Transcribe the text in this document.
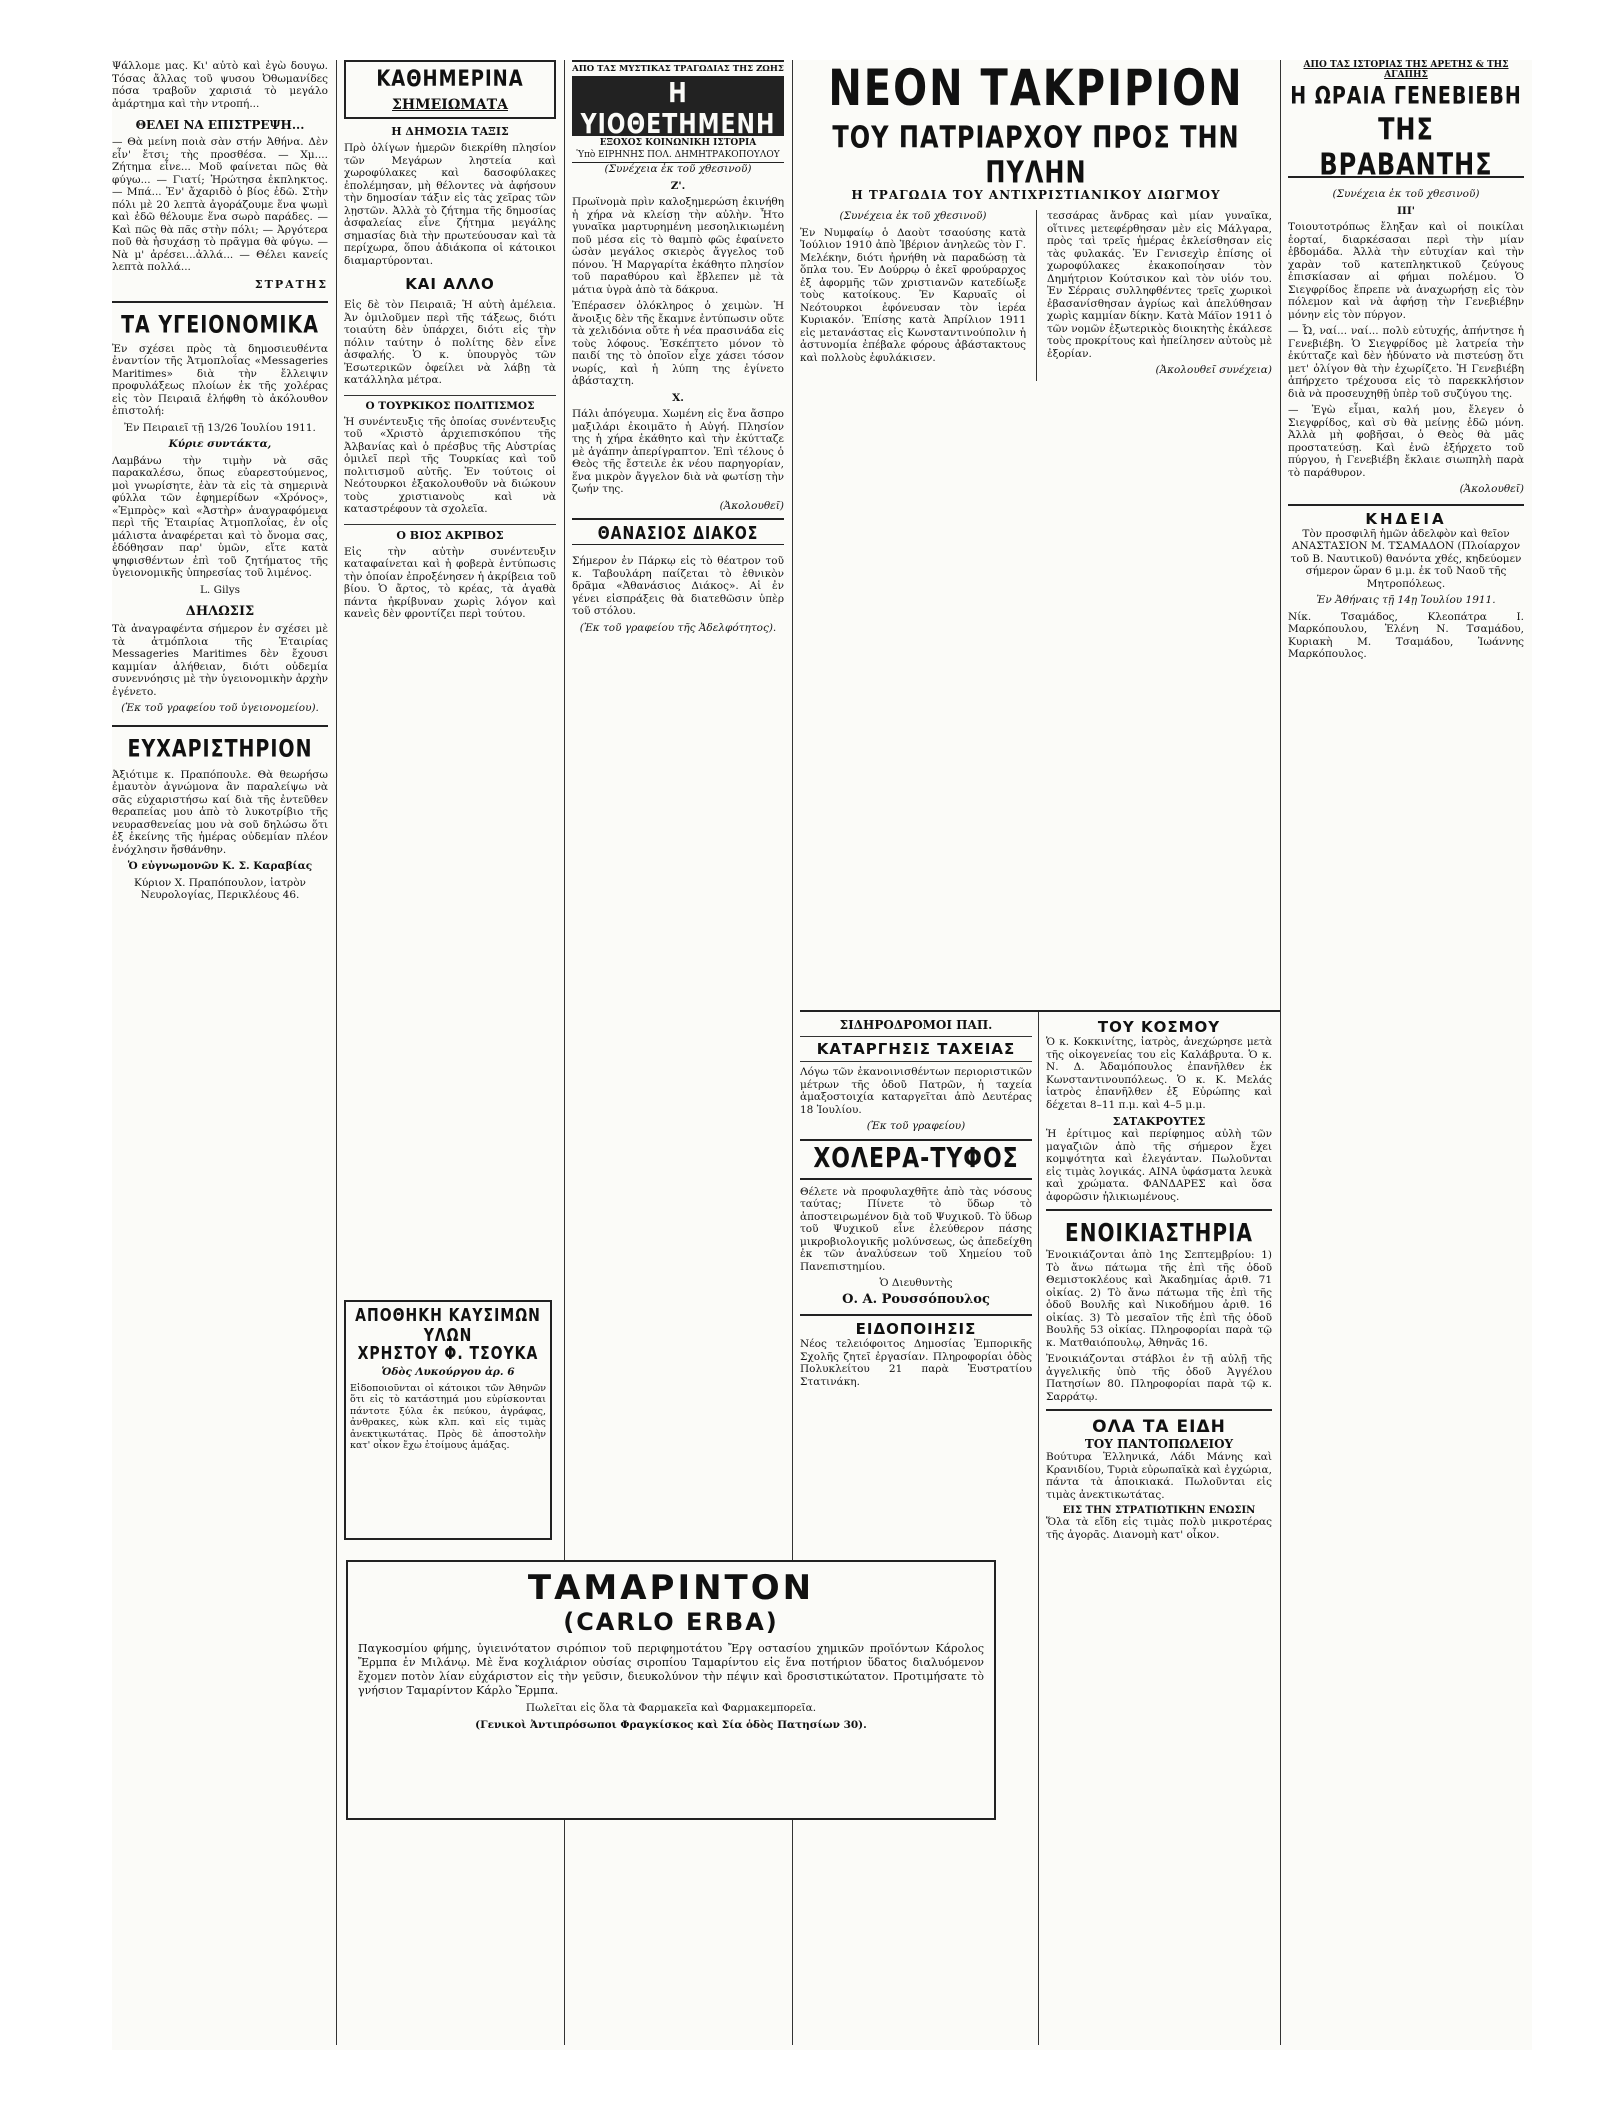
Ψάλλομε μας. Κι' αὐτὸ καὶ ἐγὼ δουγω. Τόσας ἄλλας τοῦ ψυσου Ὀθωμανίδες πόσα τραβοῦν χαρισιά τὸ μεγάλο ἀμάρτημα καὶ τὴν ντροπή...

ΘΕΛΕΙ ΝΑ ΕΠΙΣΤΡΕΨΗ...

— Θὰ μείνη ποιὰ σὰν στήν Ἀθήνα. Δὲν εἶν' ἔτσι; τὴς προσθέσα. — Χμ.... Ζήτημα εἶνε... Μοῦ φαίνεται πῶς θὰ φύγω... — Γιατί; Ἠρώτησα ἐκπληκτος. — Μπά... Ἐν' ἄχαριδὸ ὁ βίος ἐδῶ. Στὴν πόλι μὲ 20 λεπτὰ ἀγοράζουμε ἕνα ψωμὶ καὶ ἐδῶ θέλουμε ἕνα σωρὸ παράδες. — Καὶ πῶς θὰ πᾶς στὴν πόλι; — Ἀργότερα ποῦ θὰ ἡσυχάσῃ τὸ πρᾶγμα θὰ φύγω. — Νὰ μ' ἀρέσει...ἀλλά... — Θέλει κανείς λεπτὰ πολλά...

ΣΤΡΑΤΗΣ
ΤΑ ΥΓΕΙΟΝΟΜΙΚΑ

Ἐν σχέσει πρὸς τὰ δημοσιευθέντα ἐναντίον τῆς Ἀτμοπλοΐας «Messageries Maritimes» διὰ τὴν ἔλλειψιν προφυλάξεως πλοίων ἐκ τῆς χολέρας εἰς τὸν Πειραιᾶ ἐλήφθη τὸ ἀκόλουθον ἐπιστολή:

Ἐν Πειραιεῖ τῇ 13/26 Ἰουλίου 1911.

Κύριε συντάκτα,

Λαμβάνω τὴν τιμὴν νὰ σᾶς παρακαλέσω, ὅπως εὐαρεστούμενος, μοὶ γνωρίσητε, ἐὰν τὰ εἰς τὰ σημερινὰ φύλλα τῶν ἐφημερίδων «Χρόνος», «Ἐμπρὸς» καὶ «Ἀστὴρ» ἀναγραφόμενα περὶ τῆς Ἑταιρίας Ἀτμοπλοΐας, ἐν οἷς μάλιστα ἀναφέρεται καὶ τὸ ὄνομα σας, ἐδόθησαν παρ' ὑμῶν, εἴτε κατὰ ψηφισθέντων ἐπὶ τοῦ ζητήματος τῆς ὑγειονομικῆς ὑπηρεσίας τοῦ λιμένος.

L. Gilys

ΔΗΛΩΣΙΣ

Τὰ ἀναγραφέντα σήμερον ἐν σχέσει μὲ τὰ ἀτμόπλοια τῆς Ἑταιρίας Messageries Maritimes δὲν ἔχουσι καμμίαν ἀλήθειαν, διότι οὐδεμία συνεννόησις μὲ τὴν ὑγειονομικὴν ἀρχὴν ἐγένετο.

(Ἐκ τοῦ γραφείου τοῦ ὑγειονομείου).

ΕΥΧΑΡΙΣΤΗΡΙΟΝ

Ἀξιότιμε κ. Πραπόπουλε. Θὰ θεωρήσω ἐμαυτὸν ἀγνώμονα ἂν παραλείψω νὰ σᾶς εὐχαριστήσω καί διὰ τῆς ἐντεῦθεν θεραπείας μου ἀπὸ τὸ λυκοτρίβιο τῆς νευρασθενείας μου νὰ σοῦ δηλώσω ὅτι ἐξ ἐκείνης τῆς ἡμέρας οὐδεμίαν πλέον ἐνόχλησιν ἤσθάνθην.

Ὁ εὐγνωμονῶν Κ. Σ. Καραβίας

Κύριον Χ. Πραπόπουλον, ἰατρὸν Νευρολογίας, Περικλέους 46.

ΚΑΘΗΜΕΡΙΝΑ
ΣΗΜΕΙΩΜΑΤΑ
Η ΔΗΜΟΣΙΑ ΤΑΞΙΣ

Πρὸ ὀλίγων ἡμερῶν διεκρίθη πλησίον τῶν Μεγάρων ληστεία καὶ χωροφύλακες καὶ δασοφύλακες ἐπολέμησαν, μὴ θέλοντες νὰ ἀφήσουν τὴν δημοσίαν τάξιν εἰς τὰς χεῖρας τῶν λῃστῶν. Ἀλλὰ τὸ ζήτημα τῆς δημοσίας ἀσφαλείας εἶνε ζήτημα μεγάλης σημασίας διὰ τὴν πρωτεύουσαν καὶ τὰ περίχωρα, ὅπου ἀδιάκοπα οἱ κάτοικοι διαμαρτύρονται.

ΚΑΙ ΑΛΛΟ

Εἰς δὲ τὸν Πειραιᾶ; Ἡ αὐτὴ ἀμέλεια. Ἀν ὁμιλοῦμεν περὶ τῆς τάξεως, διότι τοιαύτη δὲν ὑπάρχει, διότι εἰς τὴν πόλιν ταύτην ὁ πολίτης δὲν εἶνε ἀσφαλής. Ὁ κ. ὑπουργὸς τῶν Ἐσωτερικῶν ὀφείλει νὰ λάβῃ τὰ κατάλληλα μέτρα.

Ο ΤΟΥΡΚΙΚΟΣ ΠΟΛΙΤΙΣΜΟΣ

Ἡ συνέντευξις τῆς ὁποίας συνέντευξις τοῦ «Χριστὸ ἀρχιεπισκόπου τῆς Ἀλβανίας καὶ ὁ πρέσβυς τῆς Αὐστρίας ὁμιλεῖ περὶ τῆς Τουρκίας καὶ τοῦ πολιτισμοῦ αὐτῆς. Ἐν τούτοις οἱ Νεότουρκοι ἐξακολουθοῦν νὰ διώκουν τοὺς χριστιανοὺς καὶ νὰ καταστρέφουν τὰ σχολεῖα.

Ο ΒΙΟΣ ΑΚΡΙΒΟΣ

Εἰς τὴν αὐτὴν συνέντευξιν καταφαίνεται καὶ ἡ φοβερὰ ἐντύπωσις τὴν ὁποίαν ἐπροξένησεν ἡ ἀκρίβεια τοῦ βίου. Ὁ ἄρτος, τὸ κρέας, τὰ ἀγαθὰ πάντα ἠκρίβυναν χωρὶς λόγον καὶ κανεὶς δὲν φροντίζει περὶ τούτου.

ΑΠΟΘΗΚΗ ΚΑΥΣΙΜΩΝ ΥΛΩΝ
ΧΡΗΣΤΟΥ Φ. ΤΣΟΥΚΑ
Ὁδὸς Λυκούργου ἀρ. 6

Εἰδοποιοῦνται οἱ κάτοικοι τῶν Ἀθηνῶν ὅτι εἰς τὸ κατάστημά μου εὑρίσκονται πάντοτε ξύλα ἐκ πεύκου, ἀγράφας, ἀνθρακες, κὼκ κλπ. καὶ εἰς τιμὰς ἀνεκτικωτάτας. Πρὸς δὲ ἀποστολὴν κατ' οἶκον ἔχω ἑτοίμους ἀμάξας.

ΑΠΟ ΤΑΣ ΜΥΣΤΙΚΑΣ ΤΡΑΓΩΔΙΑΣ ΤΗΣ ΖΩΗΣ
Η ΥΙΟΘΕΤΗΜΕΝΗ
ΕΞΟΧΟΣ ΚΟΙΝΩΝΙΚΗ ΙΣΤΟΡΙΑ
Ὑπὸ ΕΙΡΗΝΗΣ ΠΟΛ. ΔΗΜΗΤΡΑΚΟΠΟΥΛΟΥ

(Συνέχεια ἐκ τοῦ χθεσινοῦ)

Ζ'.

Πρωϊνομὰ πρὶν καλοξημερώση ἐκινήθη ἡ χήρα νὰ κλείσῃ τὴν αὐλὴν. Ἦτο γυναῖκα μαρτυρημένη μεσοηλικιωμένη ποῦ μέσα εἰς τὸ θαμπὸ φῶς ἐφαίνετο ὡσὰν μεγάλος σκιερὸς ἄγγελος τοῦ πόνου. Ἡ Μαργαρίτα ἐκάθητο πλησίον τοῦ παραθύρου καὶ ἔβλεπεν μὲ τὰ μάτια ὑγρὰ ἀπὸ τὰ δάκρυα.

Ἐπέρασεν ὁλόκληρος ὁ χειμὼν. Ἡ ἄνοιξις δὲν τῆς ἔκαμνε ἐντύπωσιν οὔτε τὰ χελιδόνια οὔτε ἡ νέα πρασινάδα εἰς τοὺς λόφους. Ἐσκέπτετο μόνον τὸ παιδί της τὸ ὁποῖον εἶχε χάσει τόσον νωρίς, καὶ ἡ λύπη της ἐγίνετο ἀβάσταχτη.

Χ.

Πάλι ἀπόγευμα. Χωμένη εἰς ἕνα ἄσπρο μαξιλάρι ἐκοιμᾶτο ἡ Αὐγή. Πλησίον της ἡ χήρα ἐκάθητο καὶ τὴν ἐκύτταζε μὲ ἀγάπην ἀπερίγραπτον. Ἐπὶ τέλους ὁ Θεὸς τῆς ἔστειλε ἐκ νέου παρηγορίαν, ἕνα μικρὸν ἄγγελον διὰ νὰ φωτίσῃ τὴν ζωήν της.

(Ἀκολουθεῖ)

ΘΑΝΑΣΙΟΣ ΔΙΑΚΟΣ

Σήμερον ἐν Πάρκῳ εἰς τὸ θέατρον τοῦ κ. Ταβουλάρη παίζεται τὸ ἐθνικὸν δρᾶμα «Ἀθανάσιος Διάκος». Αἱ ἐν γένει εἰσπράξεις θὰ διατεθῶσιν ὑπὲρ τοῦ στόλου.

(Ἐκ τοῦ γραφείου τῆς Ἀδελφότητος).

ΤΑΜΑΡΙΝΤΟΝ
(CARLO ERBA)

Παγκοσμίου φήμης, ὑγιεινότατον σιρόπιον τοῦ περιφημοτάτου Ἔργ οστασίου χημικῶν προϊόντων Κάρολος Ἔρμπα ἐν Μιλάνῳ. Μὲ ἕνα κοχλιάριον οὐσίας σιροπίου Ταμαρίντου εἰς ἕνα ποτήριον ὕδατος διαλυόμενον ἔχομεν ποτὸν λίαν εὐχάριστον εἰς τὴν γεῦσιν, διευκολύνον τὴν πέψιν καὶ δροσιστικώτατον. Προτιμήσατε τὸ γνήσιον Ταμαρίντον Κάρλο Ἔρμπα.

Πωλεῖται εἰς ὅλα τὰ Φαρμακεῖα καὶ Φαρμακεμπορεῖα.

(Γενικοὶ Ἀντιπρόσωποι Φραγκίσκος καὶ Σία ὁδὸς Πατησίων 30).

ΝΕΟΝ ΤΑΚΡΙΡΙΟΝ
ΤΟΥ ΠΑΤΡΙΑΡΧΟΥ ΠΡΟΣ ΤΗΝ ΠΥΛΗΝ
Η ΤΡΑΓΩΔΙΑ ΤΟΥ ΑΝΤΙΧΡΙΣΤΙΑΝΙΚΟΥ ΔΙΩΓΜΟΥ

(Συνέχεια ἐκ τοῦ χθεσινοῦ)

Ἐν Νυμφαίῳ ὁ Δαοὺτ τσαούσης κατὰ Ἰούλιον 1910 ἀπὸ Ἰβέριον ἀνηλεῶς τὸν Γ. Μελέκην, διότι ἠρνήθη νὰ παραδώσῃ τὰ ὅπλα του. Ἐν Δούρρῳ ὁ ἐκεῖ φρούραρχος ἐξ ἀφορμῆς τῶν χριστιανῶν κατεδίωξε τοὺς κατοίκους. Ἐν Καρυαῖς οἱ Νεότουρκοι ἐφόνευσαν τὸν ἱερέα Κυριακόν. Ἐπίσης κατὰ Ἀπρίλιον 1911 εἰς μετανάστας εἰς Κωνσταντινούπολιν ἡ ἀστυνομία ἐπέβαλε φόρους ἀβάστακτους καὶ πολλοὺς ἐφυλάκισεν.

τεσσάρας ἄνδρας καὶ μίαν γυναῖκα, οἵτινες μετεφέρθησαν μὲν εἰς Μάλγαρα, πρὸς ταὶ τρεῖς ἡμέρας ἐκλείσθησαν εἰς τὰς φυλακάς. Ἐν Γενισεχὶρ ἐπίσης οἱ χωροφύλακες ἐκακοποίησαν τὸν Δημήτριον Κούτσικον καὶ τὸν υἱόν του. Ἐν Σέρραις συλληφθέντες τρεῖς χωρικοὶ ἐβασανίσθησαν ἀγρίως καὶ ἀπελύθησαν χωρὶς καμμίαν δίκην. Κατὰ Μάϊον 1911 ὁ τῶν νομῶν ἐξωτερικὸς διοικητὴς ἐκάλεσε τοὺς προκρίτους καὶ ἠπείλησεν αὐτοὺς μὲ ἐξορίαν.

(Ἀκολουθεῖ συνέχεια)

ΣΙΔΗΡΟΔΡΟΜΟΙ ΠΑΠ.
ΚΑΤΑΡΓΗΣΙΣ ΤΑΧΕΙΑΣ

Λόγω τῶν ἐκανοινισθέντων περιοριστικῶν μέτρων τῆς ὁδοῦ Πατρῶν, ἡ ταχεία ἀμαξοστοιχία καταργεῖται ἀπὸ Δευτέρας 18 Ἰουλίου.

(Ἐκ τοῦ γραφείου)

ΧΟΛΕΡΑ-ΤΥΦΟΣ

Θέλετε νὰ προφυλαχθῆτε ἀπὸ τὰς νόσους ταύτας; Πίνετε τὸ ὕδωρ τὸ ἀποστειρωμένον διὰ τοῦ Ψυχικοῦ. Τὸ ὕδωρ τοῦ Ψυχικοῦ εἶνε ἐλεύθερον πάσης μικροβιολογικῆς μολύνσεως, ὡς ἀπεδείχθη ἐκ τῶν ἀναλύσεων τοῦ Χημείου τοῦ Πανεπιστημίου.

Ὁ Διευθυντὴς

Ο. Α. Ρουσσόπουλος

ΕΙΔΟΠΟΙΗΣΙΣ

Νέος τελειόφοιτος Δημοσίας Ἐμπορικῆς Σχολῆς ζητεῖ ἐργασίαν. Πληροφορίαι ὁδὸς Πολυκλείτου 21 παρὰ Ἐυστρατίου Στατινάκη.

ΤΟΥ ΚΟΣΜΟΥ

Ὁ κ. Κοκκινίτης, ἰατρὸς, ἀνεχώρησε μετὰ τῆς οἰκογενείας του εἰς Καλάβρυτα. Ὁ κ. Ν. Δ. Ἀδαμόπουλος ἐπανῆλθεν ἐκ Κωνσταντινουπόλεως. Ὁ κ. Κ. Μελάς ἰατρὸς ἐπανῆλθεν ἐξ Εὐρώπης καὶ δέχεται 8–11 π.μ. καὶ 4–5 μ.μ.

ΣΑΤΑΚΡΟΥΤΕΣ

Ἡ ἐρίτιμος καὶ περίφημος αὐλὴ τῶν μαγαζιῶν ἀπὸ τῆς σήμερον ἔχει κομψότητα καὶ ἐλεγάνταν. Πωλοῦνται εἰς τιμὰς λογικάς. ΑΙΝΑ ὑφάσματα λευκὰ καὶ χρώματα. ΦΑΝΔΑΡΕΣ καὶ ὅσα ἀφορῶσιν ἡλικιωμένους.

ΕΝΟΙΚΙΑΣΤΗΡΙΑ

Ἐνοικιάζονται ἀπὸ 1ης Σεπτεμβρίου: 1) Τὸ ἄνω πάτωμα τῆς ἐπὶ τῆς ὁδοῦ Θεμιστοκλέους καὶ Ἀκαδημίας ἀριθ. 71 οἰκίας. 2) Τὸ ἄνω πάτωμα τῆς ἐπὶ τῆς ὁδοῦ Βουλῆς καὶ Νικοδήμου ἀριθ. 16 οἰκίας. 3) Τὸ μεσαῖον τῆς ἐπὶ τῆς ὁδοῦ Βουλῆς 53 οἰκίας. Πληροφορίαι παρὰ τῷ κ. Ματθαιόπουλῳ, Ἀθηνᾶς 16.

Ἐνοικιάζονται στάβλοι ἐν τῇ αὐλῇ τῆς ἀγγελικῆς ὑπὸ τῆς ὁδοῦ Ἀγγέλου Πατησίων 80. Πληροφορίαι παρὰ τῷ κ. Σαρράτῳ.

ΟΛΑ ΤΑ ΕΙΔΗ
ΤΟΥ ΠΑΝΤΟΠΩΛΕΙΟΥ

Βούτυρα Ἑλληνικά, Λάδι Μάνης καὶ Κρανιδίου, Τυριὰ εὐρωπαϊκὰ καὶ ἐγχώρια, πάντα τὰ ἀποικιακά. Πωλοῦνται εἰς τιμὰς ἀνεκτικωτάτας.

ΕΙΣ ΤΗΝ ΣΤΡΑΤΙΩΤΙΚΗΝ ΕΝΩΣΙΝ

Ὅλα τὰ εἴδη εἰς τιμὰς πολὺ μικροτέρας τῆς ἀγορᾶς. Διανομὴ κατ' οἶκον.

ΑΠΟ ΤΑΣ ΙΣΤΟΡΙΑΣ ΤΗΣ ΑΡΕΤΗΣ & ΤΗΣ ΑΓΑΠΗΣ
Η ΩΡΑΙΑ ΓΕΝΕΒΙΕΒΗ
ΤΗΣ ΒΡΑΒΑΝΤΗΣ

(Συνέχεια ἐκ τοῦ χθεσινοῦ)

ΙΙΙ'

Τοιουτοτρόπως ἔληξαν καὶ οἱ ποικίλαι ἑορταί, διαρκέσασαι περὶ τὴν μίαν ἑβδομάδα. Ἀλλὰ τὴν εὐτυχίαν καὶ τὴν χαρὰν τοῦ κατεπληκτικοῦ ζεύγους ἐπισκίασαν αἱ φήμαι πολέμου. Ὁ Σιεγφρίδος ἔπρεπε νὰ ἀναχωρήσῃ εἰς τὸν πόλεμον καὶ νὰ ἀφήσῃ τὴν Γενεβιέβην μόνην εἰς τὸν πύργον.

— Ὦ, ναί... ναί... πολὺ εὐτυχής, ἀπήντησε ἡ Γενεβιέβη. Ὁ Σιεγφρίδος μὲ λατρεία τὴν ἐκύτταζε καὶ δὲν ἠδύνατο νὰ πιστεύσῃ ὅτι μετ' ὀλίγον θὰ τὴν ἐχωρίζετο. Ἡ Γενεβιέβη ἀπήρχετο τρέχουσα εἰς τὸ παρεκκλήσιον διὰ νὰ προσευχηθῇ ὑπὲρ τοῦ συζύγου της.

— Ἐγὼ εἶμαι, καλή μου, ἔλεγεν ὁ Σιεγφρίδος, καὶ σὺ θὰ μείνῃς ἐδῶ μόνη. Ἀλλὰ μὴ φοβῆσαι, ὁ Θεὸς θὰ μᾶς προστατεύσῃ. Καὶ ἐνῶ ἐξήρχετο τοῦ πύργου, ἡ Γενεβιέβη ἔκλαιε σιωπηλὴ παρὰ τὸ παράθυρον.

(Ἀκολουθεῖ)

ΚΗΔΕΙΑ

Τὸν προσφιλῆ ἡμῶν ἀδελφὸν καὶ θεῖον ΑΝΑΣΤΑΣΙΟΝ Μ. ΤΣΑΜΑΔΟΝ (Πλοίαρχον τοῦ Β. Ναυτικοῦ) θανόντα χθές, κηδεύομεν σήμερον ὥραν 6 μ.μ. ἐκ τοῦ Ναοῦ τῆς Μητροπόλεως.

Ἐν Ἀθήναις τῇ 14ῃ Ἰουλίου 1911.

Νίκ. Τσαμάδος, Κλεοπάτρα Ι. Μαρκόπουλου, Ἑλένη Ν. Τσαμάδου, Κυριακὴ Μ. Τσαμάδου, Ἰωάννης Μαρκόπουλος.
